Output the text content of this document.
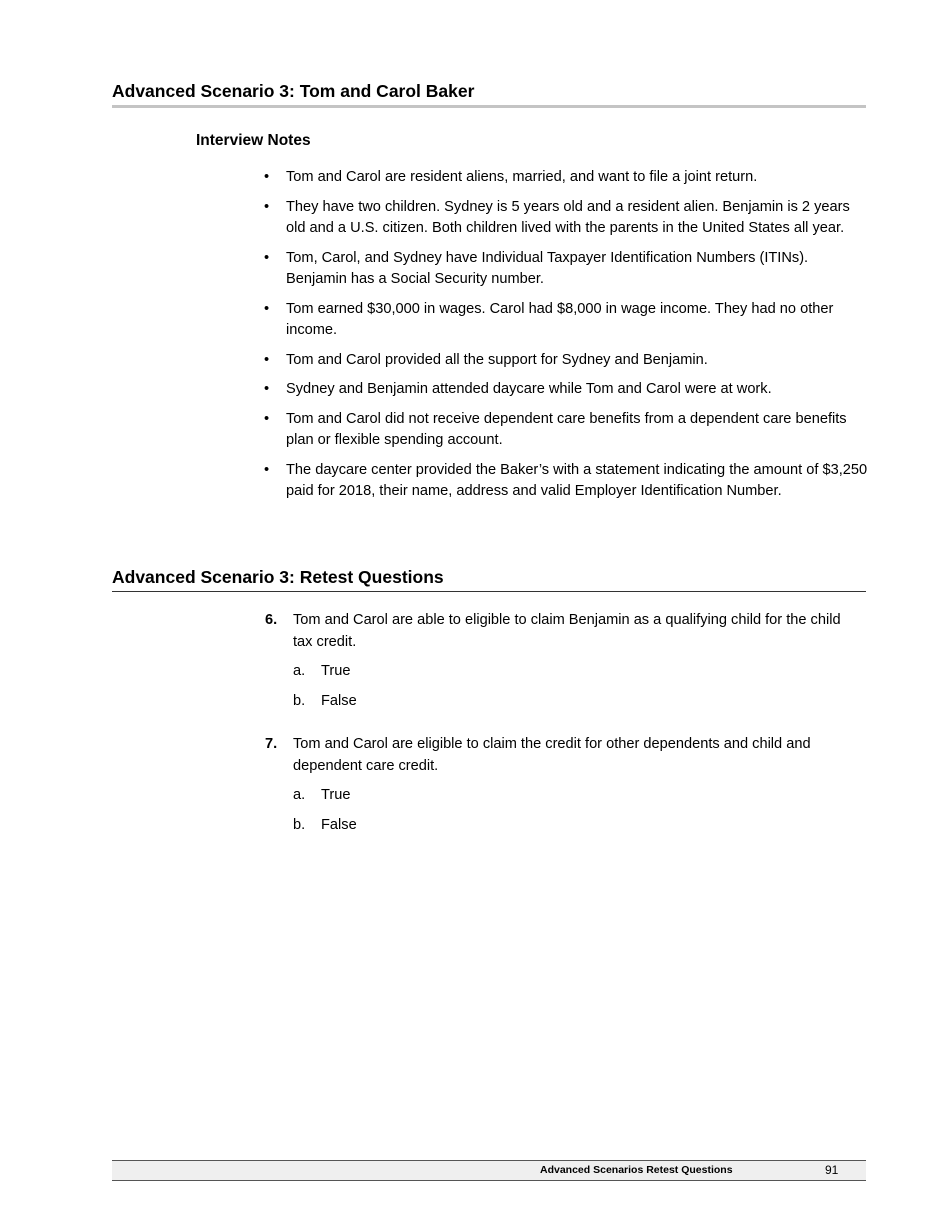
Advanced Scenario 3: Tom and Carol Baker
Interview Notes
• Tom and Carol are resident aliens, married, and want to file a joint return.
• They have two children. Sydney is 5 years old and a resident alien. Benjamin is 2 years old and a U.S. citizen. Both children lived with the parents in the United States all year.
• Tom, Carol, and Sydney have Individual Taxpayer Identification Numbers (ITINs). Benjamin has a Social Security number.
• Tom earned $30,000 in wages. Carol had $8,000 in wage income. They had no other income.
• Tom and Carol provided all the support for Sydney and Benjamin.
• Sydney and Benjamin attended daycare while Tom and Carol were at work.
• Tom and Carol did not receive dependent care benefits from a dependent care benefits plan or flexible spending account.
• The daycare center provided the Baker’s with a statement indicating the amount of $3,250 paid for 2018, their name, address and valid Employer Identification Number.
Advanced Scenario 3: Retest Questions
6. Tom and Carol are able to eligible to claim Benjamin as a qualifying child for the child tax credit.
a. True
b. False
7. Tom and Carol are eligible to claim the credit for other dependents and child and dependent care credit.
a. True
b. False
Advanced Scenarios Retest Questions	91
